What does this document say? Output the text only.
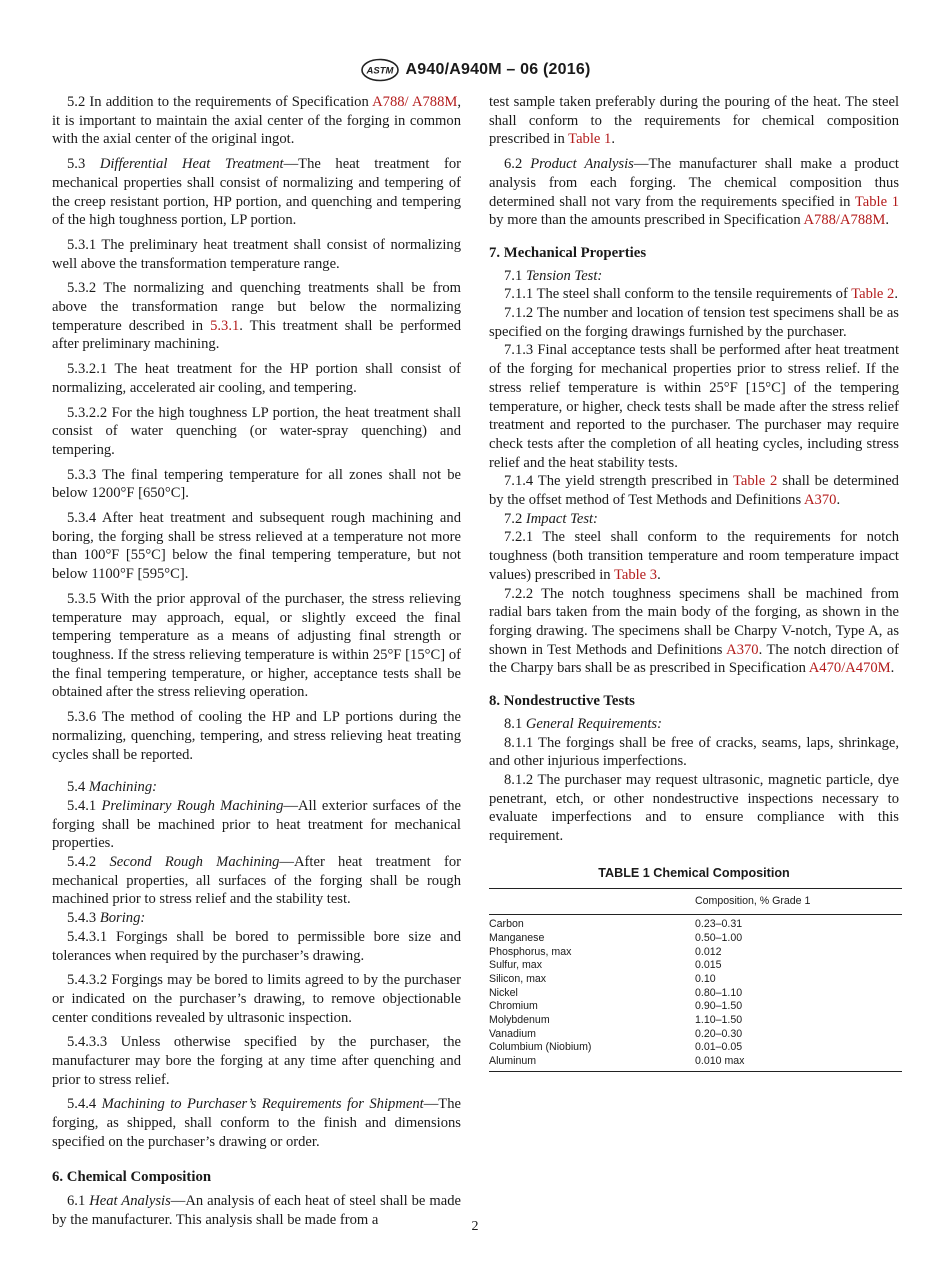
ASTM A940/A940M – 06 (2016)

5.2 In addition to the requirements of Specification A788/ A788M, it is important to maintain the axial center of the forging in common with the axial center of the original ingot.

5.3 Differential Heat Treatment—The heat treatment for mechanical properties shall consist of normalizing and tempering of the creep resistant portion, HP portion, and quenching and tempering of the high toughness portion, LP portion.

5.3.1 The preliminary heat treatment shall consist of normalizing well above the transformation temperature range.

5.3.2 The normalizing and quenching treatments shall be from above the transformation range but below the normalizing temperature described in 5.3.1. This treatment shall be performed after preliminary machining.

5.3.2.1 The heat treatment for the HP portion shall consist of normalizing, accelerated air cooling, and tempering.

5.3.2.2 For the high toughness LP portion, the heat treatment shall consist of water quenching (or water-spray quenching) and tempering.

5.3.3 The final tempering temperature for all zones shall not be below 1200°F [650°C].

5.3.4 After heat treatment and subsequent rough machining and boring, the forging shall be stress relieved at a temperature not more than 100°F [55°C] below the final tempering temperature, but not below 1100°F [595°C].

5.3.5 With the prior approval of the purchaser, the stress relieving temperature may approach, equal, or slightly exceed the final tempering temperature as a means of adjusting final strength or toughness. If the stress relieving temperature is within 25°F [15°C] of the final tempering temperature, or higher, acceptance tests shall be obtained after the stress relieving operation.

5.3.6 The method of cooling the HP and LP portions during the normalizing, quenching, tempering, and stress relieving heat treating cycles shall be reported.

5.4 Machining:

5.4.1 Preliminary Rough Machining—All exterior surfaces of the forging shall be machined prior to heat treatment for mechanical properties.

5.4.2 Second Rough Machining—After heat treatment for mechanical properties, all surfaces of the forging shall be rough machined prior to stress relief and the stability test.

5.4.3 Boring:

5.4.3.1 Forgings shall be bored to permissible bore size and tolerances when required by the purchaser’s drawing.

5.4.3.2 Forgings may be bored to limits agreed to by the purchaser or indicated on the purchaser’s drawing, to remove objectionable center conditions revealed by ultrasonic inspection.

5.4.3.3 Unless otherwise specified by the purchaser, the manufacturer may bore the forging at any time after quenching and prior to stress relief.

5.4.4 Machining to Purchaser’s Requirements for Shipment—The forging, as shipped, shall conform to the finish and dimensions specified on the purchaser’s drawing or order.

6. Chemical Composition

6.1 Heat Analysis—An analysis of each heat of steel shall be made by the manufacturer. This analysis shall be made from a

test sample taken preferably during the pouring of the heat. The steel shall conform to the requirements for chemical composition prescribed in Table 1.

6.2 Product Analysis—The manufacturer shall make a product analysis from each forging. The chemical composition thus determined shall not vary from the requirements specified in Table 1 by more than the amounts prescribed in Specification A788/A788M.

7. Mechanical Properties

7.1 Tension Test:

7.1.1 The steel shall conform to the tensile requirements of Table 2.

7.1.2 The number and location of tension test specimens shall be as specified on the forging drawings furnished by the purchaser.

7.1.3 Final acceptance tests shall be performed after heat treatment of the forging for mechanical properties prior to stress relief. If the stress relief temperature is within 25°F [15°C] of the tempering temperature, or higher, check tests shall be made after the stress relief treatment and reported to the purchaser. The purchaser may require check tests after the completion of all heating cycles, including stress relief and the heat stability tests.

7.1.4 The yield strength prescribed in Table 2 shall be determined by the offset method of Test Methods and Definitions A370.

7.2 Impact Test:

7.2.1 The steel shall conform to the requirements for notch toughness (both transition temperature and room temperature impact values) prescribed in Table 3.

7.2.2 The notch toughness specimens shall be machined from radial bars taken from the main body of the forging, as shown in the forging drawing. The specimens shall be Charpy V-notch, Type A, as shown in Test Methods and Definitions A370. The notch direction of the Charpy bars shall be as prescribed in Specification A470/A470M.

8. Nondestructive Tests

8.1 General Requirements:

8.1.1 The forgings shall be free of cracks, seams, laps, shrinkage, and other injurious imperfections.

8.1.2 The purchaser may request ultrasonic, magnetic particle, dye penetrant, etch, or other nondestructive inspections necessary to evaluate imperfections and to ensure compliance with this requirement.

TABLE 1 Chemical Composition
	Composition, % Grade 1
Carbon	0.23–0.31
Manganese	0.50–1.00
Phosphorus, max	0.012
Sulfur, max	0.015
Silicon, max	0.10
Nickel	0.80–1.10
Chromium	0.90–1.50
Molybdenum	1.10–1.50
Vanadium	0.20–0.30
Columbium (Niobium)	0.01–0.05
Aluminum	0.010 max
2
